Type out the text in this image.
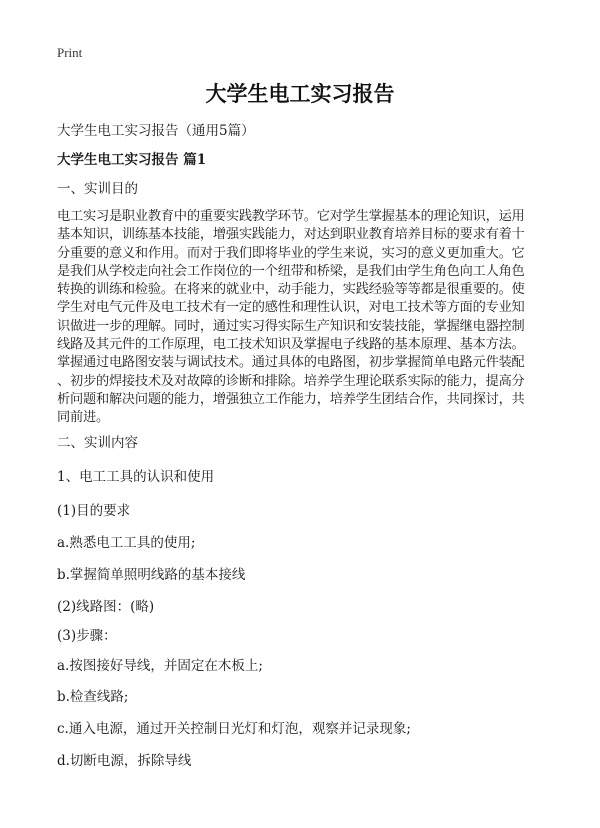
Print
大学生电工实习报告
大学生电工实习报告（通用5篇）
大学生电工实习报告 篇1
一、实训目的
电工实习是职业教育中的重要实践教学环节。它对学生掌握基本的理论知识，运用
基本知识，训练基本技能，增强实践能力，对达到职业教育培养目标的要求有着十
分重要的意义和作用。而对于我们即将毕业的学生来说，实习的意义更加重大。它
是我们从学校走向社会工作岗位的一个纽带和桥梁，是我们由学生角色向工人角色
转换的训练和检验。在将来的就业中，动手能力，实践经验等等都是很重要的。使
学生对电气元件及电工技术有一定的感性和理性认识，对电工技术等方面的专业知
识做进一步的理解。同时，通过实习得实际生产知识和安装技能，掌握继电器控制
线路及其元件的工作原理，电工技术知识及掌握电子线路的基本原理、基本方法。
掌握通过电路图安装与调试技术。通过具体的电路图，初步掌握简单电路元件装配
、初步的焊接技术及对故障的诊断和排除。培养学生理论联系实际的能力，提高分
析问题和解决问题的能力，增强独立工作能力，培养学生团结合作，共同探讨，共
同前进。
二、实训内容
1、电工工具的认识和使用
(1)目的要求
a.熟悉电工工具的使用;
b.掌握简单照明线路的基本接线
(2)线路图：(略)
(3)步骤：
a.按图接好导线，并固定在木板上;
b.检查线路;
c.通入电源，通过开关控制日光灯和灯泡，观察并记录现象;
d.切断电源，拆除导线
